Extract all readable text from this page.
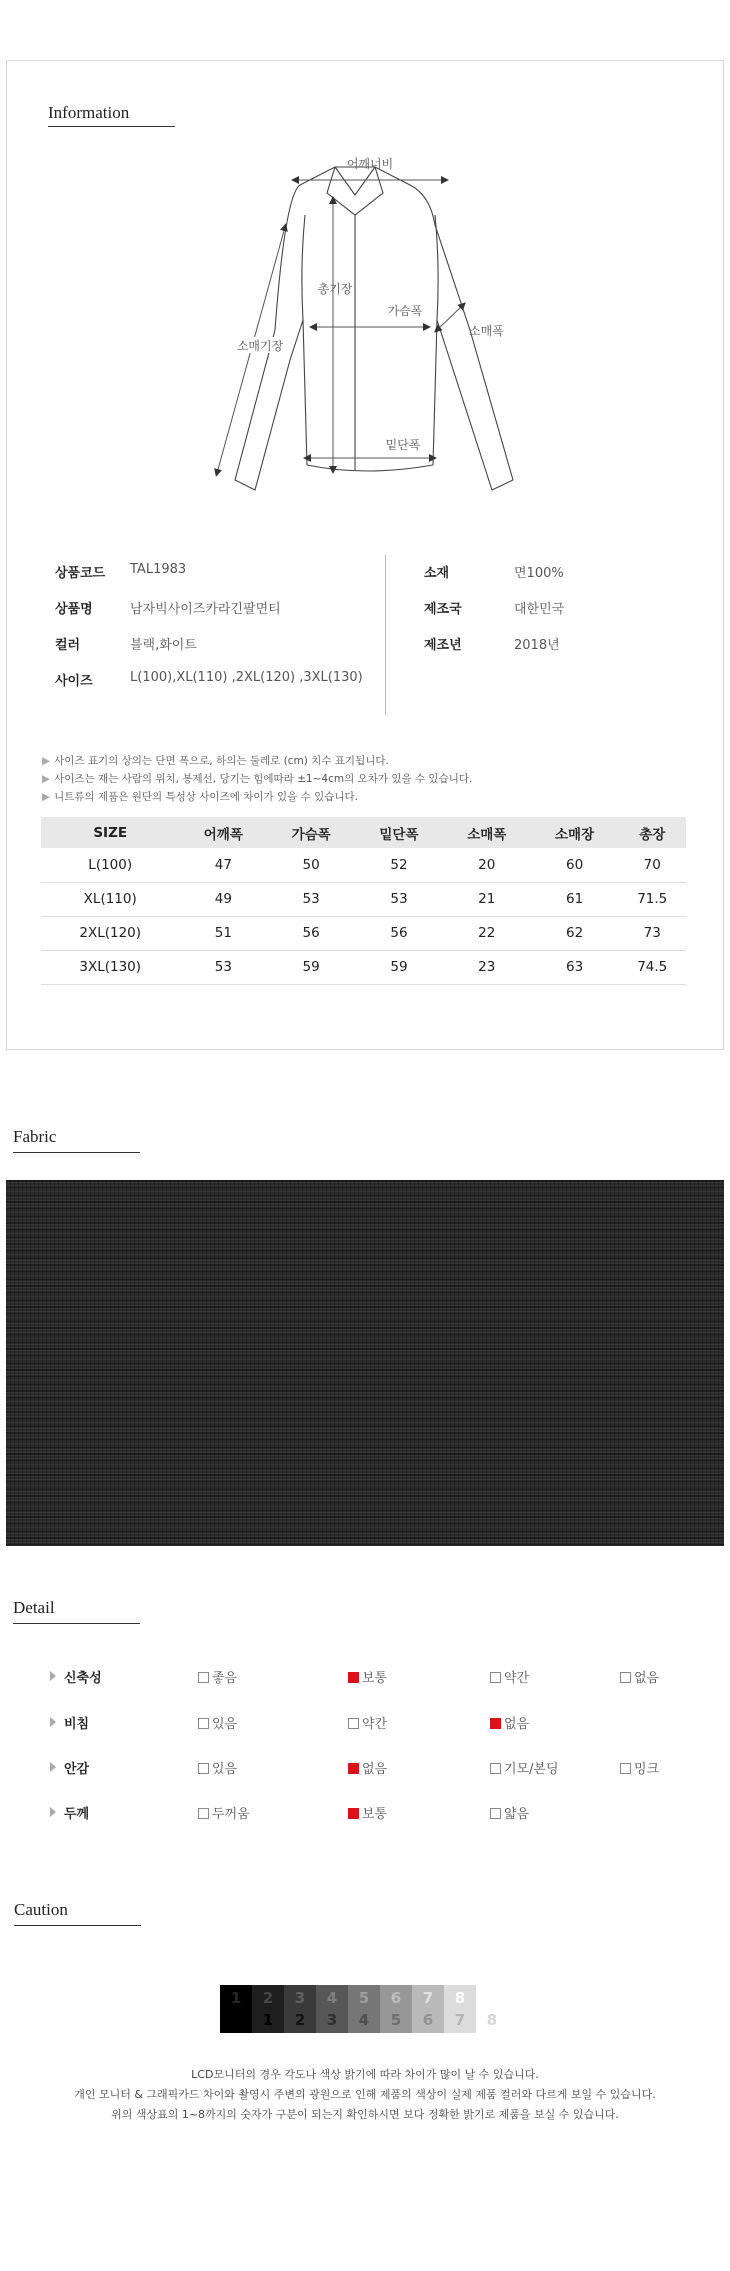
Information
어깨너비
총기장
가슴폭
소매폭
소매기장
밑단폭
상품코드 TAL1983
상품명	남자빅사이즈카라긴팔면티
컬러	블랙,화이트
사이즈	L(100),XL(110) ,2XL(120) ,3XL(130)
소재	면100%
제조국	대한민국
제조년	2018년
▶ 사이즈 표기의 상의는 단면 폭으로, 하의는 둘레로 (cm) 치수 표기됩니다.
▶ 사이즈는 재는 사람의 위치, 봉제선, 당기는 힘에따라 ±1~4cm의 오차가 있을 수 있습니다.
▶ 니트류의 제품은 원단의 특성상 사이즈에 차이가 있을 수 있습니다.
SIZE	어깨폭	가슴폭	밑단폭	소매폭	소매장	총장
L(100)	47	50	52	20	60	70
XL(110)	49	53	53	21	61	71.5
2XL(120)	51	56	56	22	62	73
3XL(130)	53	59	59	23	63	74.5
Fabric
Detail
신축성	좋음	보통	약간	없음
비침	있음	약간	없음
안감	있음	없음	기모/본딩	밍크
두께	두꺼움	보통	얇음
Caution
1	2
1
3
2
4
3
5
4
6
5
7
6
8
7	8
LCD모니터의 경우 각도나 색상 밝기에 따라 차이가 많이 날 수 있습니다.
개인 모니터 & 그래픽카드 차이와 촬영시 주변의 광원으로 인해 제품의 색상이 실제 제품 컬러와 다르게 보일 수 있습니다.
위의 색상표의 1~8까지의 숫자가 구분이 되는지 확인하시면 보다 정확한 밝기로 제품을 보실 수 있습니다.
